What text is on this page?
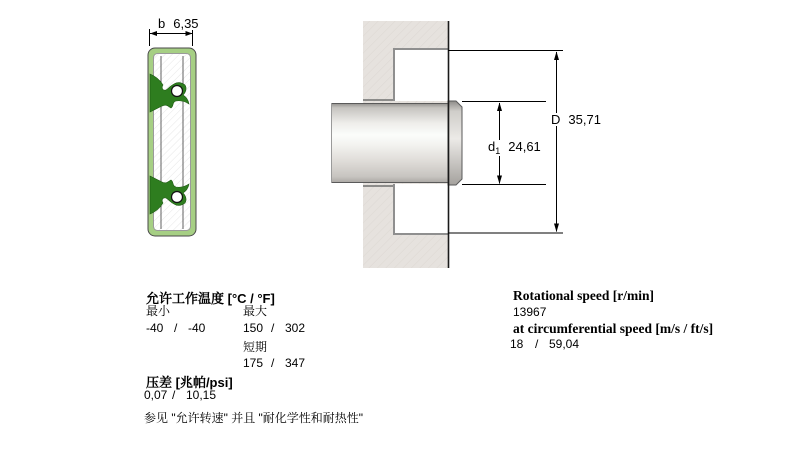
b 6,35
$d_1$ 24,61
D 35,71
允许工作温度 [°C / °F]
最小	最大
-40 / -40	150 / 302
短期
175 / 347
压差 [兆帕/psi]
0,07 / 10,15
参见 "允许转速" 并且 "耐化学性和耐热性"
Rotational speed [r/min]
13967
at circumferential speed [m/s / ft/s]
18 / 59,04
